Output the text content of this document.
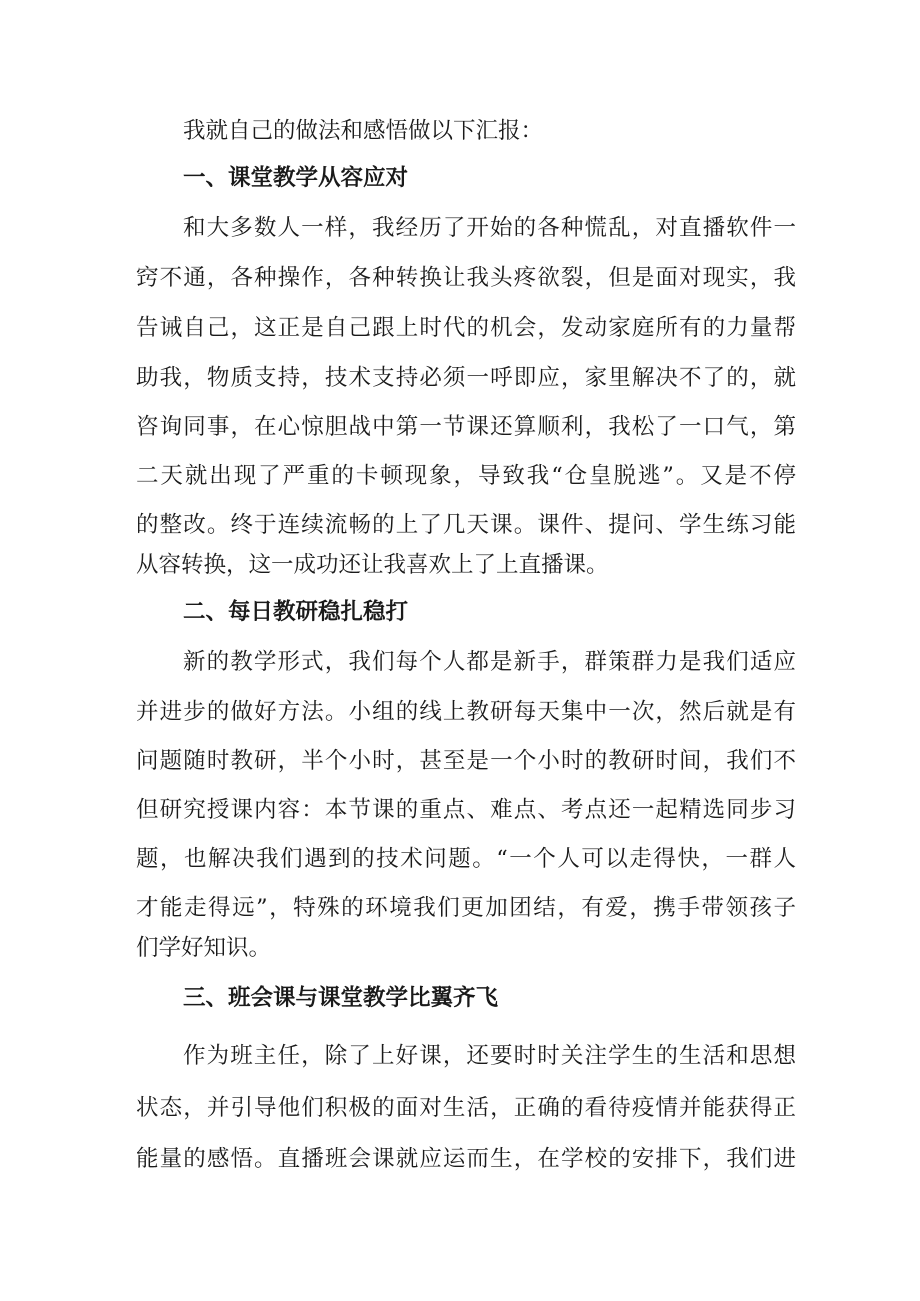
我就自己的做法和感悟做以下汇报：
一、课堂教学从容应对
和大多数人一样，我经历了开始的各种慌乱，对直播软件一
窍不通，各种操作，各种转换让我头疼欲裂，但是面对现实，我
告诫自己，这正是自己跟上时代的机会，发动家庭所有的力量帮
助我，物质支持，技术支持必须一呼即应，家里解决不了的，就
咨询同事，在心惊胆战中第一节课还算顺利，我松了一口气，第
二天就出现了严重的卡顿现象，导致我“仓皇脱逃”。又是不停
的整改。终于连续流畅的上了几天课。课件、提问、学生练习能
从容转换，这一成功还让我喜欢上了上直播课。
二、每日教研稳扎稳打
新的教学形式，我们每个人都是新手，群策群力是我们适应
并进步的做好方法。小组的线上教研每天集中一次，然后就是有
问题随时教研，半个小时，甚至是一个小时的教研时间，我们不
但研究授课内容：本节课的重点、难点、考点还一起精选同步习
题，也解决我们遇到的技术问题。“一个人可以走得快，一群人
才能走得远”，特殊的环境我们更加团结，有爱，携手带领孩子
们学好知识。
三、班会课与课堂教学比翼齐飞
作为班主任，除了上好课，还要时时关注学生的生活和思想
状态，并引导他们积极的面对生活，正确的看待疫情并能获得正
能量的感悟。直播班会课就应运而生，在学校的安排下，我们进
